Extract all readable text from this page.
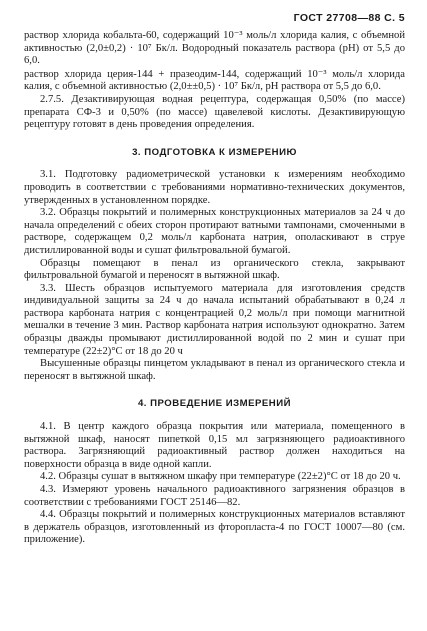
ГОСТ 27708—88 С. 5

раствор хлорида кобальта-60, содержащий 10⁻³ моль/л хлорида калия, с объемной активностью (2,0±0,2) · 10⁷ Бк/л. Водородный показатель раствора (рН) от 5,5 до 6,0.

раствор хлорида церия-144 + празеодим-144, содержащий 10⁻³ моль/л хлорида калия, с объемной активностью (2,0±±0,5) · 10⁷ Бк/л, рН раствора от 5,5 до 6,0.

2.7.5. Дезактивирующая водная рецептура, содержащая 0,50% (по массе) препарата СФ-3 и 0,50% (по массе) щавелевой кислоты. Дезактивирующую рецептуру готовят в день проведения определения.

3. ПОДГОТОВКА К ИЗМЕРЕНИЮ

3.1. Подготовку радиометрической установки к измерениям необходимо проводить в соответствии с требованиями нормативно-технических документов, утвержденных в установленном порядке.

3.2. Образцы покрытий и полимерных конструкционных материалов за 24 ч до начала определений с обеих сторон протирают ватными тампонами, смоченными в растворе, содержащем 0,2 моль/л карбоната натрия, ополаскивают в струе дистиллированной воды и сушат фильтровальной бумагой.

Образцы помещают в пенал из органического стекла, закрывают фильтровальной бумагой и переносят в вытяжной шкаф.

3.3. Шесть образцов испытуемого материала для изготовления средств индивидуальной защиты за 24 ч до начала испытаний обрабатывают в 0,24 л раствора карбоната натрия с концентрацией 0,2 моль/л при помощи магнитной мешалки в течение 3 мин. Раствор карбоната натрия используют однократно. Затем образцы дважды промывают дистиллированной водой по 2 мин и сушат при температуре (22±2)°С от 18 до 20 ч

Высушенные образцы пинцетом укладывают в пенал из органического стекла и переносят в вытяжной шкаф.

4. ПРОВЕДЕНИЕ ИЗМЕРЕНИЙ

4.1. В центр каждого образца покрытия или материала, помещенного в вытяжной шкаф, наносят пипеткой 0,15 мл загрязняющего радиоактивного раствора. Загрязняющий радиоактивный раствор должен находиться на поверхности образца в виде одной капли.

4.2. Образцы сушат в вытяжном шкафу при температуре (22±2)°С от 18 до 20 ч.

4.3. Измеряют уровень начального радиоактивного загрязнения образцов в соответствии с требованиями ГОСТ 25146—82.

4.4. Образцы покрытий и полимерных конструкционных материалов вставляют в держатель образцов, изготовленный из фторопласта-4 по ГОСТ 10007—80 (см. приложение).
